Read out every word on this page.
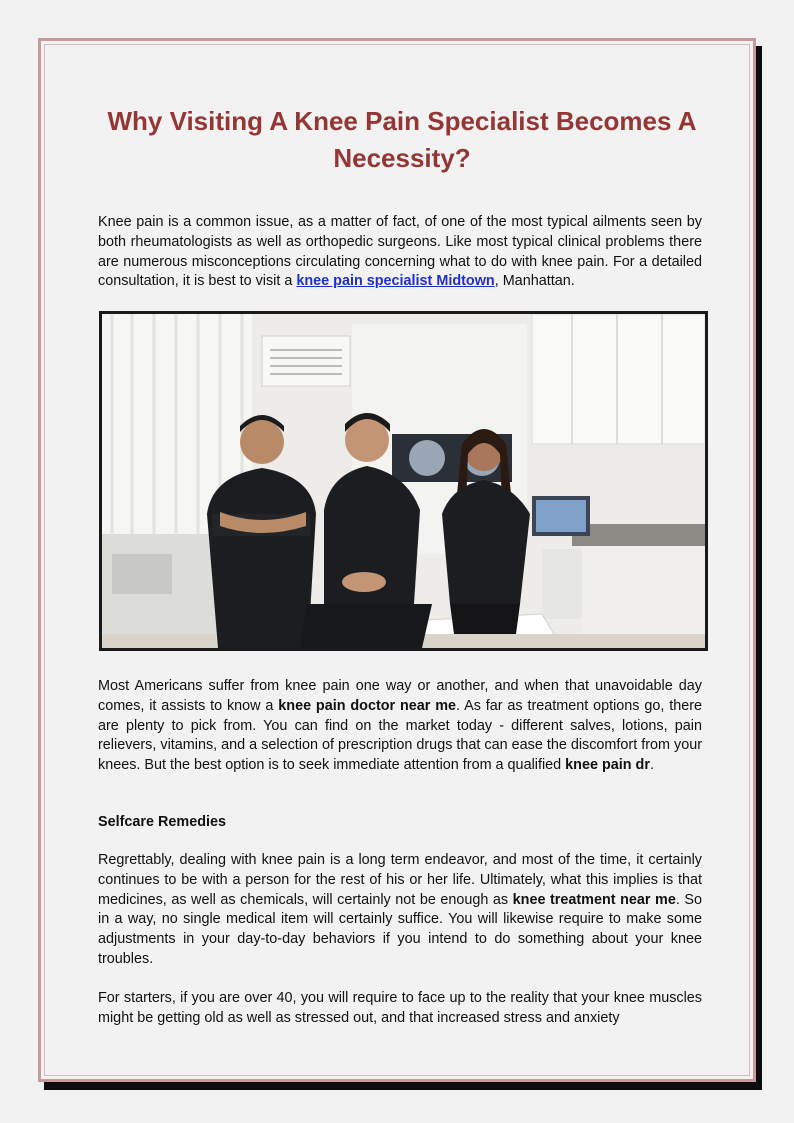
Why Visiting A Knee Pain Specialist Becomes A Necessity?

Knee pain is a common issue, as a matter of fact, of one of the most typical ailments seen by both rheumatologists as well as orthopedic surgeons. Like most typical clinical problems there are numerous misconceptions circulating concerning what to do with knee pain. For a detailed consultation, it is best to visit a knee pain specialist Midtown, Manhattan.

Most Americans suffer from knee pain one way or another, and when that unavoidable day comes, it assists to know a knee pain doctor near me. As far as treatment options go, there are plenty to pick from. You can find on the market today - different salves, lotions, pain relievers, vitamins, and a selection of prescription drugs that can ease the discomfort from your knees. But the best option is to seek immediate attention from a qualified knee pain dr.

Selfcare Remedies

Regrettably, dealing with knee pain is a long term endeavor, and most of the time, it certainly continues to be with a person for the rest of his or her life. Ultimately, what this implies is that medicines, as well as chemicals, will certainly not be enough as knee treatment near me. So in a way, no single medical item will certainly suffice. You will likewise require to make some adjustments in your day-to-day behaviors if you intend to do something about your knee troubles.

For starters, if you are over 40, you will require to face up to the reality that your knee muscles might be getting old as well as stressed out, and that increased stress and anxiety
